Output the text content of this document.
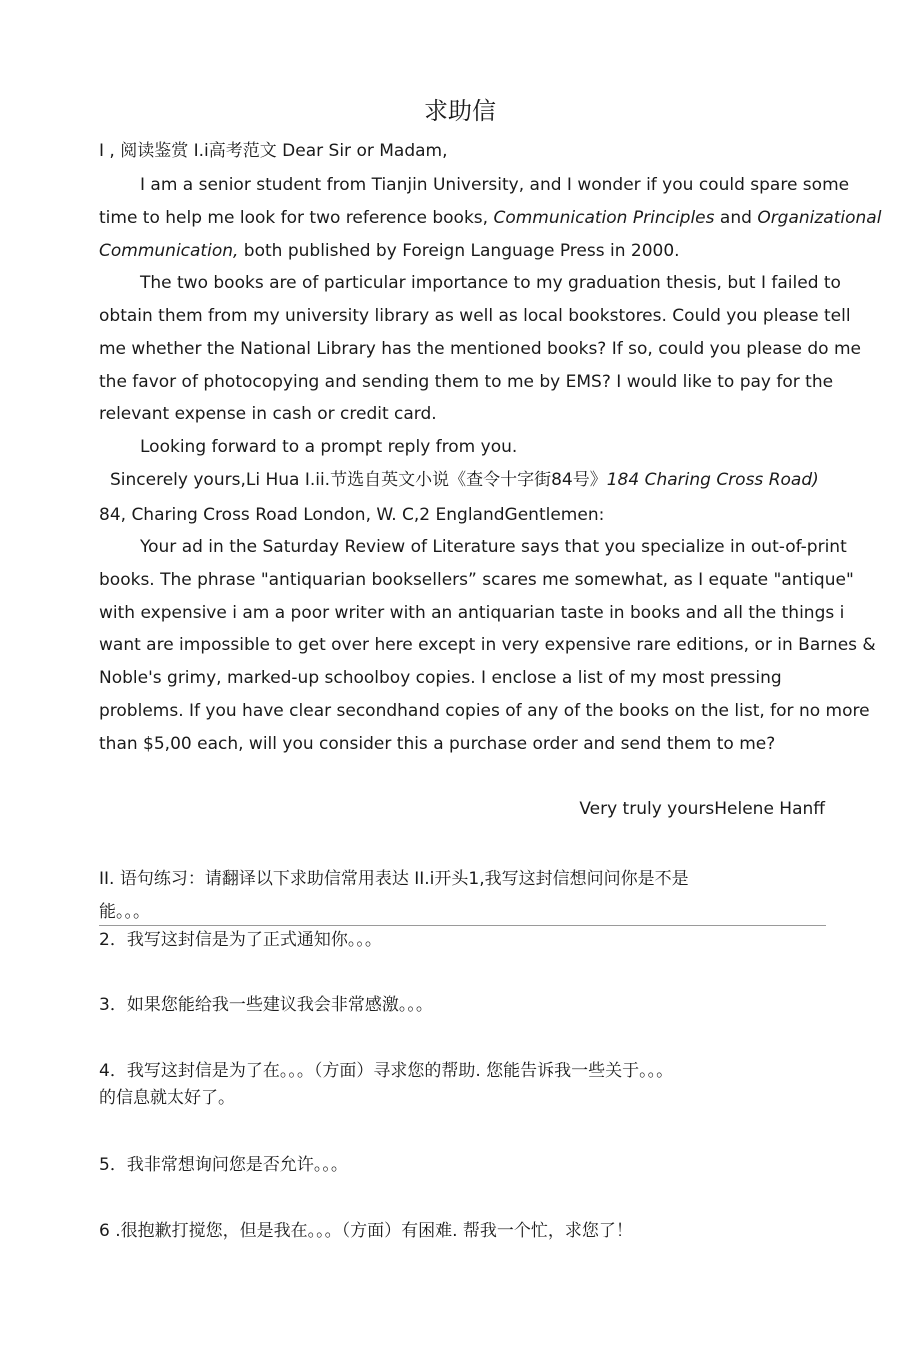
求助信
I , 阅读鉴赏 I.i高考范文 Dear Sir or Madam,
I am a senior student from Tianjin University, and I wonder if you could spare some
time to help me look for two reference books, Communication Principles and Organizational
Communication, both published by Foreign Language Press in 2000.
The two books are of particular importance to my graduation thesis, but I failed to
obtain them from my university library as well as local bookstores. Could you please tell
me whether the National Library has the mentioned books? If so, could you please do me
the favor of photocopying and sending them to me by EMS? I would like to pay for the
relevant expense in cash or credit card.
Looking forward to a prompt reply from you.
Sincerely yours,Li Hua I.ii.节选自英文小说《查令十字街84号》184 Charing Cross Road)
84, Charing Cross Road London, W. C,2 EnglandGentlemen:
Your ad in the Saturday Review of Literature says that you specialize in out-of-print
books. The phrase "antiquarian booksellers” scares me somewhat, as I equate "antique"
with expensive i am a poor writer with an antiquarian taste in books and all the things i
want are impossible to get over here except in very expensive rare editions, or in Barnes &
Noble's grimy, marked-up schoolboy copies. I enclose a list of my most pressing
problems. If you have clear secondhand copies of any of the books on the list, for no more
than $5,00 each, will you consider this a purchase order and send them to me?
Very truly yoursHelene Hanff
II. 语句练习：请翻译以下求助信常用表达 II.i开头1,我写这封信想问问你是不是
能。。。
2．我写这封信是为了正式通知你。。。
3．如果您能给我一些建议我会非常感激。。。
4．我写这封信是为了在。。。（方面）寻求您的帮助. 您能告诉我一些关于。。。
的信息就太好了。
5．我非常想询问您是否允许。。。
6 .很抱歉打搅您，但是我在。。。（方面）有困难. 帮我一个忙，求您了！
